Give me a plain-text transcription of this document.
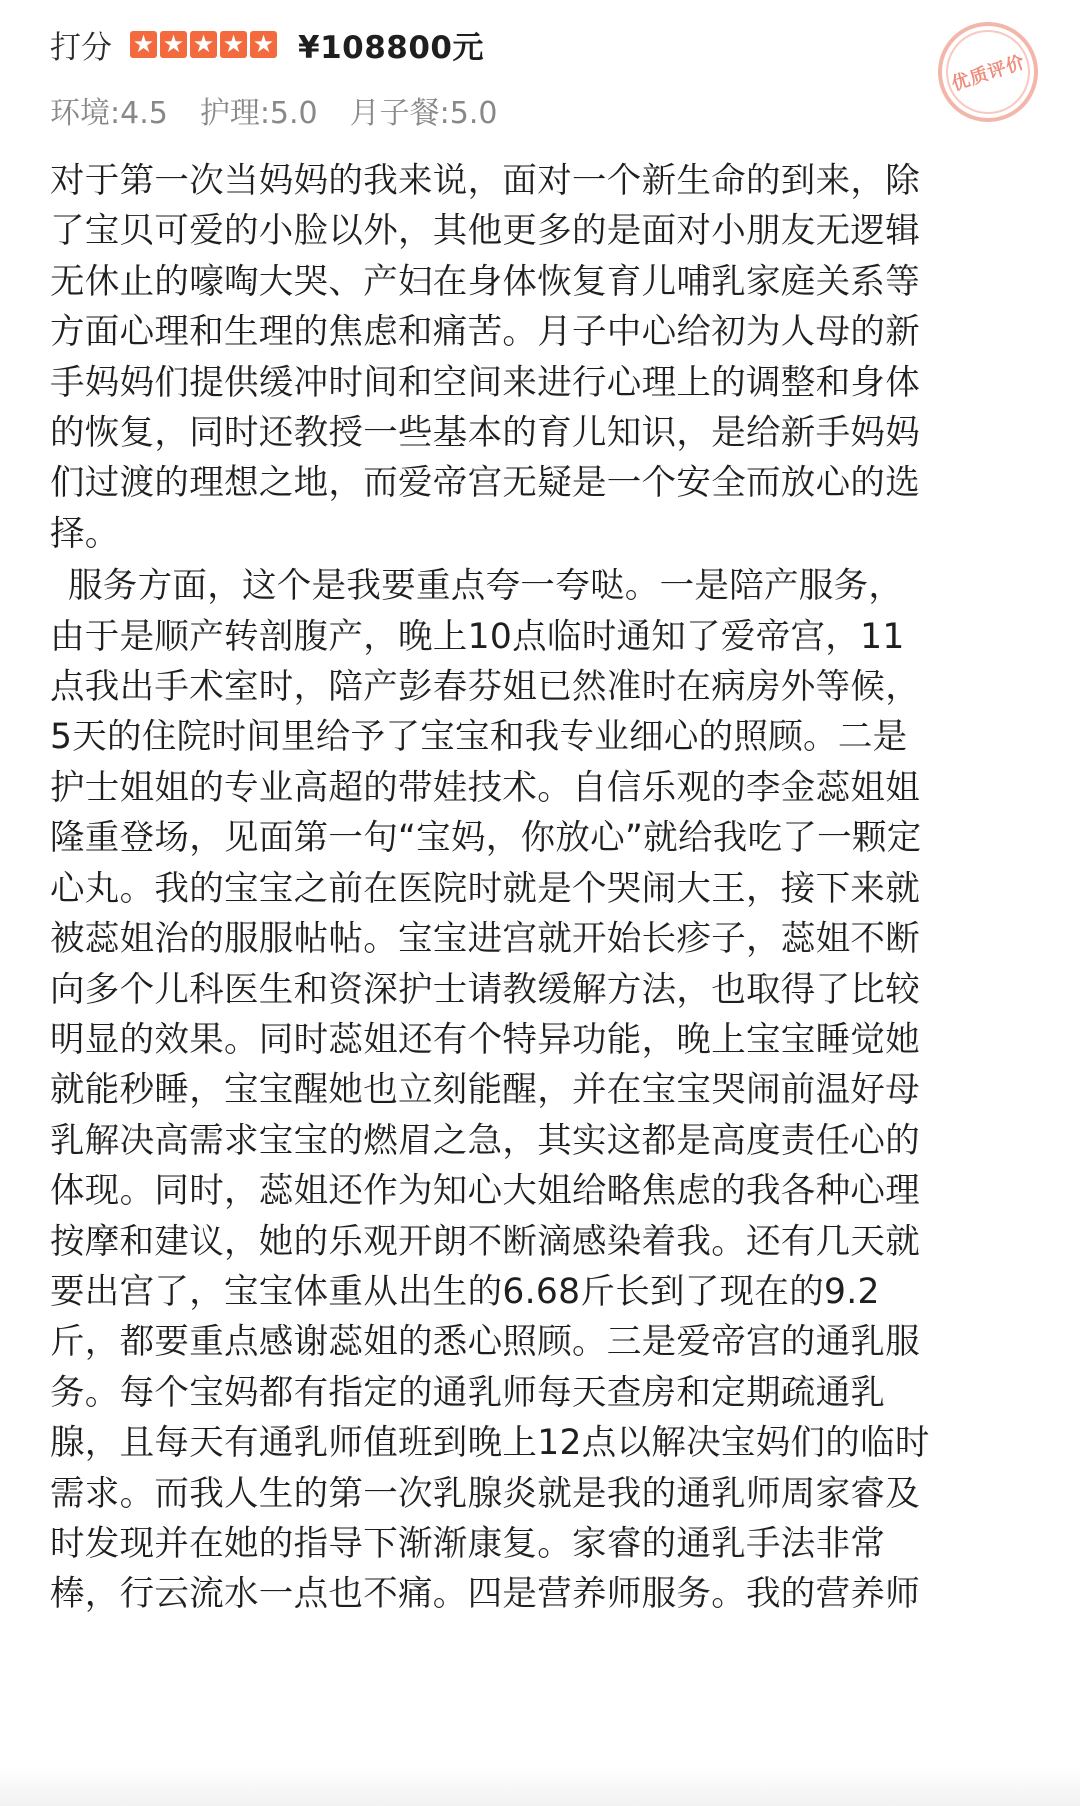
打分 ★ ★ ★ ★ ★	¥108800元
环境:4.5 护理:5.0 月子餐:5.0
优质评价

对于第一次当妈妈的我来说，面对一个新生命的到来，除
了宝贝可爱的小脸以外，其他更多的是面对小朋友无逻辑
无休止的嚎啕大哭、产妇在身体恢复育儿哺乳家庭关系等
方面心理和生理的焦虑和痛苦。月子中心给初为人母的新
手妈妈们提供缓冲时间和空间来进行心理上的调整和身体
的恢复，同时还教授一些基本的育儿知识，是给新手妈妈
们过渡的理想之地，而爱帝宫无疑是一个安全而放心的选
择。

服务方面，这个是我要重点夸一夸哒。一是陪产服务，
由于是顺产转剖腹产，晚上10点临时通知了爱帝宫，11
点我出手术室时，陪产彭春芬姐已然准时在病房外等候，
5天的住院时间里给予了宝宝和我专业细心的照顾。二是
护士姐姐的专业高超的带娃技术。自信乐观的李金蕊姐姐
隆重登场，见面第一句“宝妈，你放心”就给我吃了一颗定
心丸。我的宝宝之前在医院时就是个哭闹大王，接下来就
被蕊姐治的服服帖帖。宝宝进宫就开始长疹子，蕊姐不断
向多个儿科医生和资深护士请教缓解方法，也取得了比较
明显的效果。同时蕊姐还有个特异功能，晚上宝宝睡觉她
就能秒睡，宝宝醒她也立刻能醒，并在宝宝哭闹前温好母
乳解决高需求宝宝的燃眉之急，其实这都是高度责任心的
体现。同时，蕊姐还作为知心大姐给略焦虑的我各种心理
按摩和建议，她的乐观开朗不断滴感染着我。还有几天就
要出宫了，宝宝体重从出生的6.68斤长到了现在的9.2
斤，都要重点感谢蕊姐的悉心照顾。三是爱帝宫的通乳服
务。每个宝妈都有指定的通乳师每天查房和定期疏通乳
腺，且每天有通乳师值班到晚上12点以解决宝妈们的临时
需求。而我人生的第一次乳腺炎就是我的通乳师周家睿及
时发现并在她的指导下渐渐康复。家睿的通乳手法非常
棒，行云流水一点也不痛。四是营养师服务。我的营养师
